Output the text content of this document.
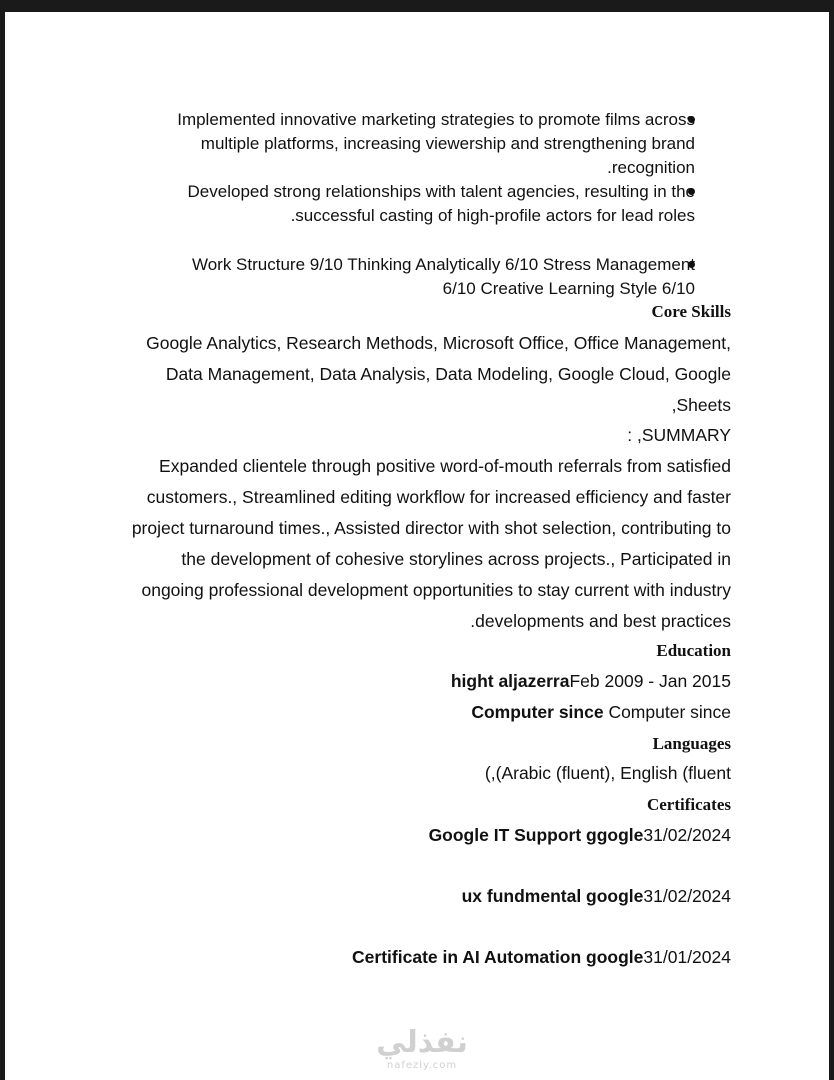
Implemented innovative marketing strategies to promote films across
multiple platforms, increasing viewership and strengthening brand
.recognition
Developed strong relationships with talent agencies, resulting in the
.successful casting of high-profile actors for lead roles
Work Structure 9/10 Thinking Analytically 6/10 Stress Management
6/10 Creative Learning Style 6/10
Core Skills
Google Analytics, Research Methods, Microsoft Office, Office Management,
Data Management, Data Analysis, Data Modeling, Google Cloud, Google
,Sheets
: ,SUMMARY
Expanded clientele through positive word-of-mouth referrals from satisfied
customers., Streamlined editing workflow for increased efficiency and faster
project turnaround times., Assisted director with shot selection, contributing to
the development of cohesive storylines across projects., Participated in
ongoing professional development opportunities to stay current with industry
.developments and best practices
Education
hight aljazerraFeb 2009 - Jan 2015
Computer since Computer since
Languages
(,(Arabic (fluent), English (fluent
Certificates
Google IT Support ggogle31/02/2024
ux fundmental google31/02/2024
Certificate in AI Automation google31/01/2024
نفذلي
nafezly.com
